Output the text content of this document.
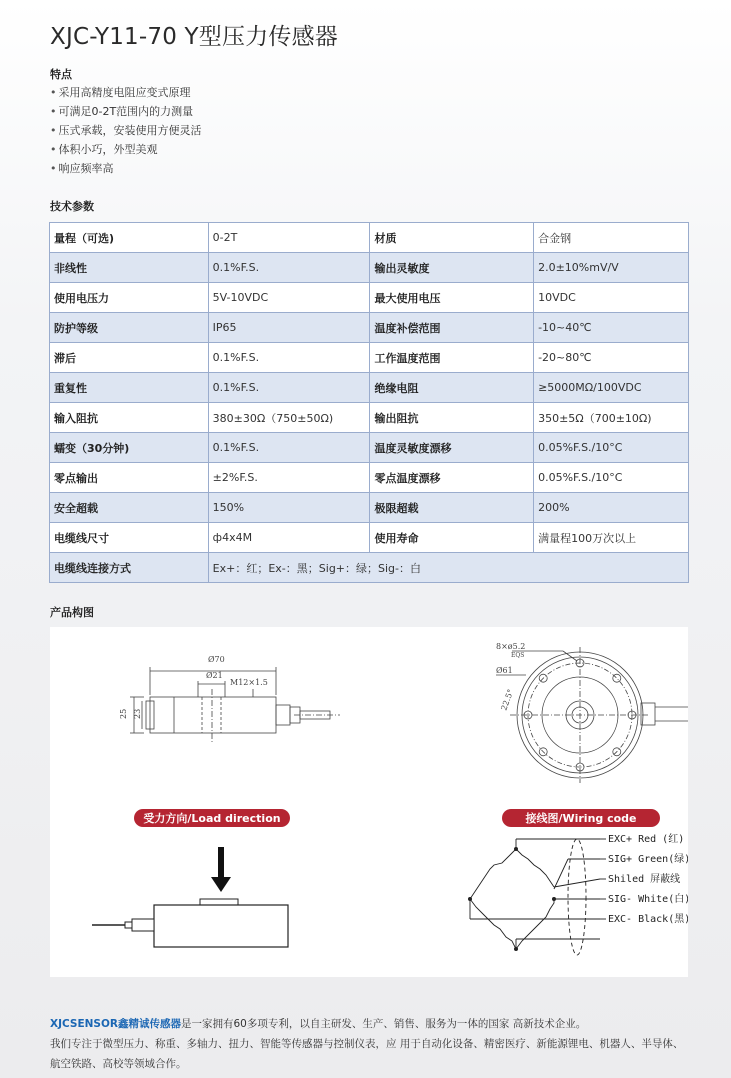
XJC-Y11-70 Y型压力传感器
特点
• 采用高精度电阻应变式原理
• 可满足0-2T范围内的力测量
• 压式承载，安装使用方便灵活
• 体积小巧，外型美观
• 响应频率高
技术参数
量程（可选)	0-2T	材质	合金钢
非线性	0.1%F.S.	输出灵敏度	2.0±10%mV/V
使用电压力	5V-10VDC	最大使用电压	10VDC
防护等级	IP65	温度补偿范围	-10~40℃
滞后	0.1%F.S.	工作温度范围	-20~80℃
重复性	0.1%F.S.	绝缘电阻	≥5000MΩ/100VDC
输入阻抗	380±30Ω（750±50Ω)	输出阻抗	350±5Ω（700±10Ω)
蠕变（30分钟)	0.1%F.S.	温度灵敏度漂移	0.05%F.S./10°C
零点输出	±2%F.S.	零点温度漂移	0.05%F.S./10°C
安全超载	150%	极限超载	200%
电缆线尺寸	ф4x4M	使用寿命	满量程100万次以上
电缆线连接方式	Ex+：红；Ex-：黑；Sig+：绿；Sig-：白		
产品构图
Ø70
Ø21
M12×1.5
25 23
8×ø5.2
EQS
Ø61
22.5°
受力方向/Load direction	接线图/Wiring code
EXC+ Red (红)
SIG+ Green(绿)
Shiled 屏蔽线
SIG- White(白)
EXC- Black(黑)
XJCSENSOR鑫精诚传感器是一家拥有60多项专利，以自主研发、生产、销售、服务为一体的国家 高新技术企业。
我们专注于微型压力、称重、多轴力、扭力、智能等传感器与控制仪表，应 用于自动化设备、精密医疗、新能源锂电、机器人、半导体、
航空铁路、高校等领域合作。
